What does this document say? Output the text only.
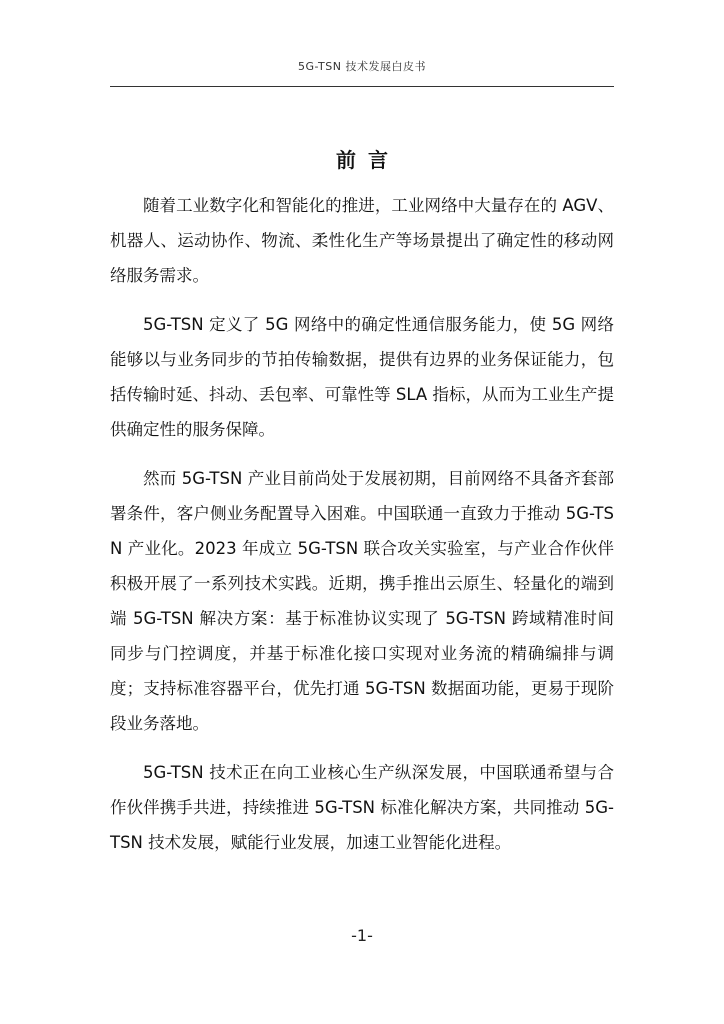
5G-TSN 技术发展白皮书
前言

随着工业数字化和智能化的推进，工业网络中大量存在的 AGV、机器人、运动协作、物流、柔性化生产等场景提出了确定性的移动网络服务需求。

5G-TSN 定义了 5G 网络中的确定性通信服务能力，使 5G 网络能够以与业务同步的节拍传输数据，提供有边界的业务保证能力，包括传输时延、抖动、丢包率、可靠性等 SLA 指标，从而为工业生产提供确定性的服务保障。

然而 5G-TSN 产业目前尚处于发展初期，目前网络不具备齐套部署条件，客户侧业务配置导入困难。中国联通一直致力于推动 5G-TSN 产业化。2023 年成立 5G-TSN 联合攻关实验室，与产业合作伙伴积极开展了一系列技术实践。近期，携手推出云原生、轻量化的端到端 5G-TSN 解决方案：基于标准协议实现了 5G-TSN 跨域精准时间同步与门控调度，并基于标准化接口实现对业务流的精确编排与调度；支持标准容器平台，优先打通 5G-TSN 数据面功能，更易于现阶段业务落地。

5G-TSN 技术正在向工业核心生产纵深发展，中国联通希望与合作伙伴携手共进，持续推进 5G-TSN 标准化解决方案，共同推动 5G-TSN 技术发展，赋能行业发展，加速工业智能化进程。

-1-
